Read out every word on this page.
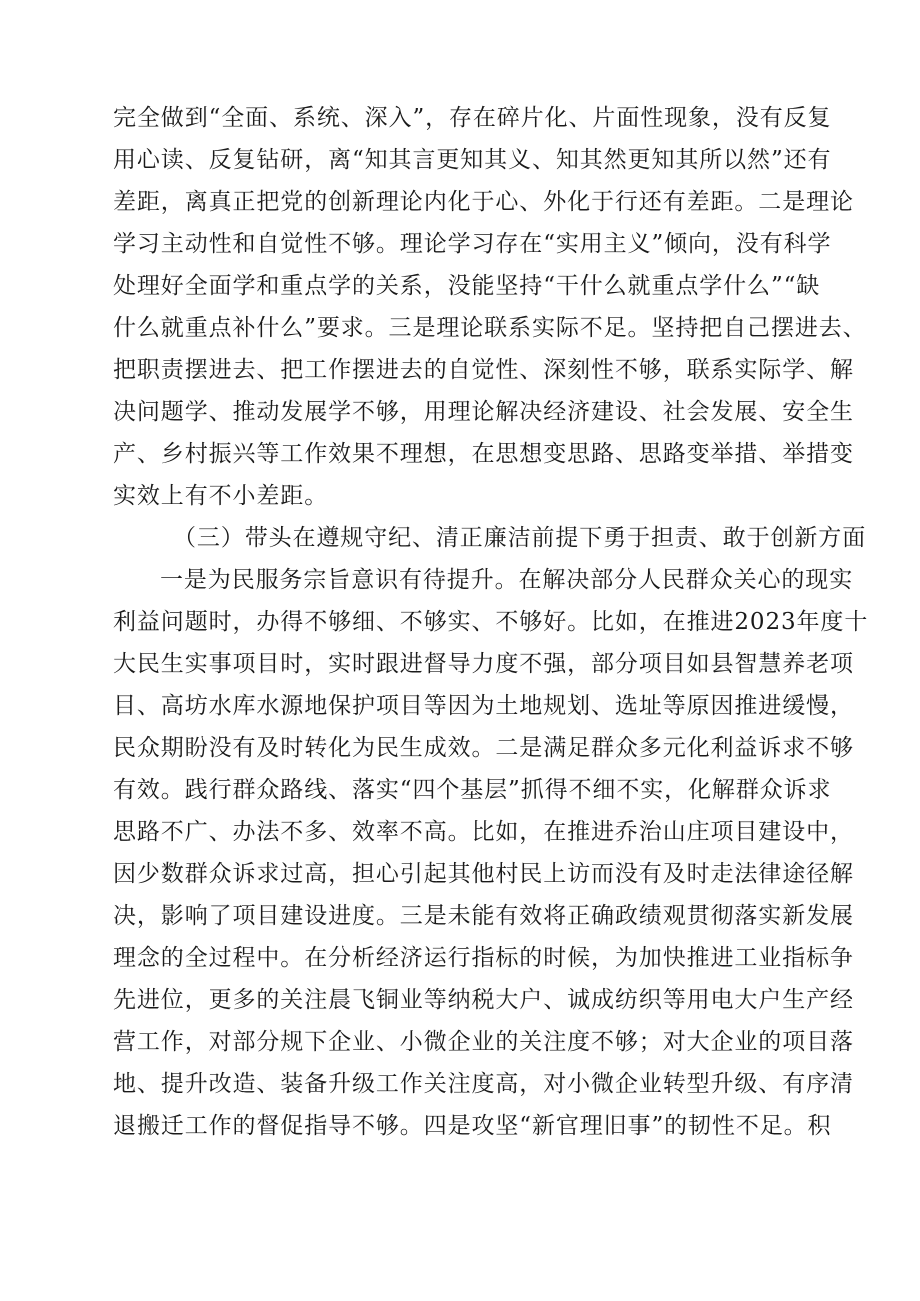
完全做到“全面、系统、深入”，存在碎片化、片面性现象，没有反复
用心读、反复钻研，离“知其言更知其义、知其然更知其所以然”还有
差距，离真正把党的创新理论内化于心、外化于行还有差距。二是理论
学习主动性和自觉性不够。理论学习存在“实用主义”倾向，没有科学
处理好全面学和重点学的关系，没能坚持“干什么就重点学什么”“缺
什么就重点补什么”要求。三是理论联系实际不足。坚持把自己摆进去、
把职责摆进去、把工作摆进去的自觉性、深刻性不够，联系实际学、解
决问题学、推动发展学不够，用理论解决经济建设、社会发展、安全生
产、乡村振兴等工作效果不理想，在思想变思路、思路变举措、举措变
实效上有不小差距。
（三）带头在遵规守纪、清正廉洁前提下勇于担责、敢于创新方面
一是为民服务宗旨意识有待提升。在解决部分人民群众关心的现实
利益问题时，办得不够细、不够实、不够好。比如，在推进2023年度十
大民生实事项目时，实时跟进督导力度不强，部分项目如县智慧养老项
目、高坊水库水源地保护项目等因为土地规划、选址等原因推进缓慢，
民众期盼没有及时转化为民生成效。二是满足群众多元化利益诉求不够
有效。践行群众路线、落实“四个基层”抓得不细不实，化解群众诉求
思路不广、办法不多、效率不高。比如，在推进乔治山庄项目建设中，
因少数群众诉求过高，担心引起其他村民上访而没有及时走法律途径解
决，影响了项目建设进度。三是未能有效将正确政绩观贯彻落实新发展
理念的全过程中。在分析经济运行指标的时候，为加快推进工业指标争
先进位，更多的关注晨飞铜业等纳税大户、诚成纺织等用电大户生产经
营工作，对部分规下企业、小微企业的关注度不够；对大企业的项目落
地、提升改造、装备升级工作关注度高，对小微企业转型升级、有序清
退搬迁工作的督促指导不够。四是攻坚“新官理旧事”的韧性不足。积
